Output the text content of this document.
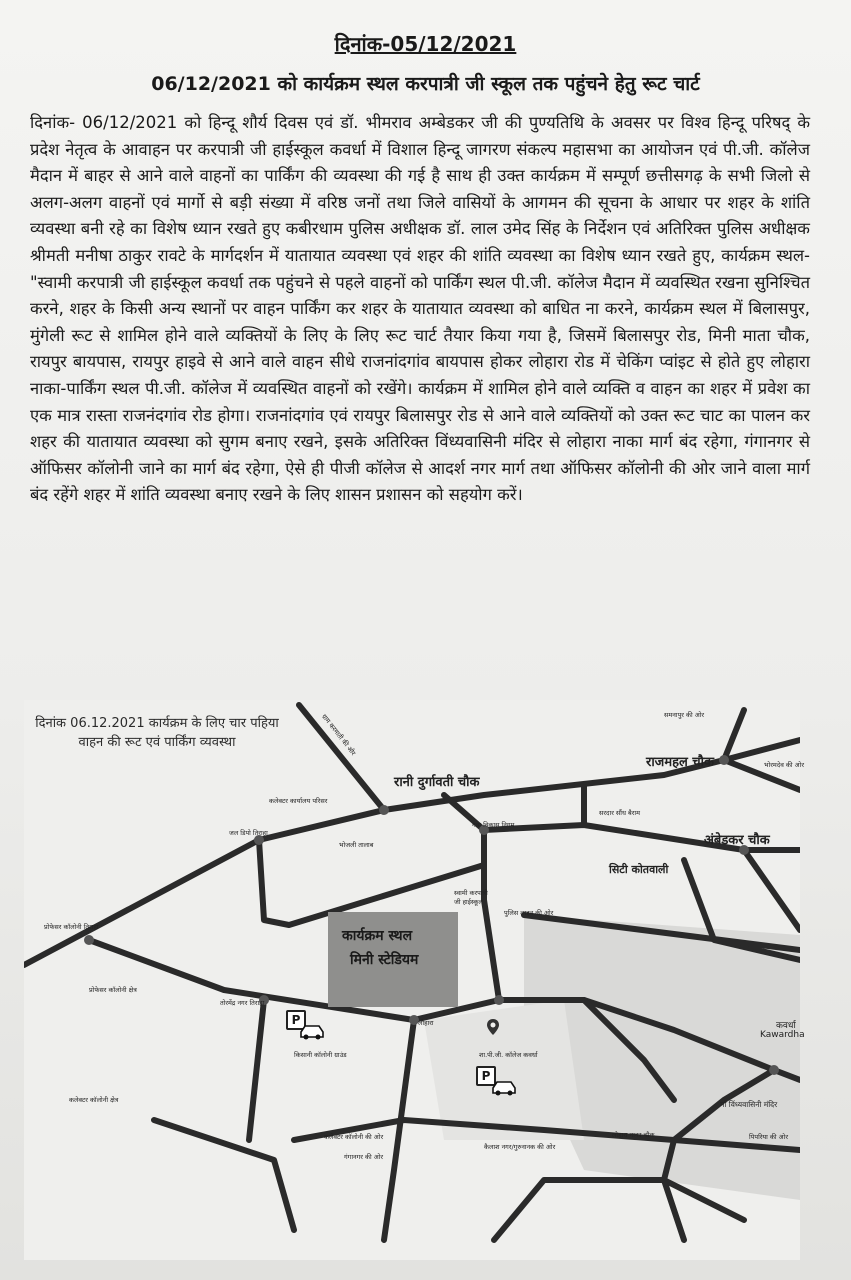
दिनांक-05/12/2021
06/12/2021 को कार्यक्रम स्थल करपात्री जी स्कूल तक पहुंचने हेतु रूट चार्ट
दिनांक- 06/12/2021 को हिन्दू शौर्य दिवस एवं डॉ. भीमराव अम्बेडकर जी की पुण्यतिथि के अवसर पर विश्व हिन्दू परिषद् के प्रदेश नेतृत्व के आवाहन पर करपात्री जी हाईस्कूल कवर्धा में विशाल हिन्दू जागरण संकल्प महासभा का आयोजन एवं पी.जी. कॉलेज मैदान में बाहर से आने वाले वाहनों का पार्किंग की व्यवस्था की गई है साथ ही उक्त कार्यक्रम में सम्पूर्ण छत्तीसगढ़ के सभी जिलो से अलग-अलग वाहनों एवं मार्गो से बड़ी संख्या में वरिष्ठ जनों तथा जिले वासियों के आगमन की सूचना के आधार पर शहर के शांति व्यवस्था बनी रहे का विशेष ध्यान रखते हुए कबीरधाम पुलिस अधीक्षक डॉ. लाल उमेद सिंह के निर्देशन एवं अतिरिक्त पुलिस अधीक्षक श्रीमती मनीषा ठाकुर रावटे के मार्गदर्शन में यातायात व्यवस्था एवं शहर की शांति व्यवस्था का विशेष ध्यान रखते हुए, कार्यक्रम स्थल- "स्वामी करपात्री जी हाईस्कूल कवर्धा तक पहुंचने से पहले वाहनों को पार्किंग स्थल पी.जी. कॉलेज मैदान में व्यवस्थित रखना सुनिश्चित करने, शहर के किसी अन्य स्थानों पर वाहन पार्किंग कर शहर के यातायात व्यवस्था को बाधित ना करने, कार्यक्रम स्थल में बिलासपुर, मुंगेली रूट से शामिल होने वाले व्यक्तियों के लिए के लिए रूट चार्ट तैयार किया गया है, जिसमें बिलासपुर रोड, मिनी माता चौक, रायपुर बायपास, रायपुर हाइवे से आने वाले वाहन सीधे राजनांदगांव बायपास होकर लोहारा रोड में चेकिंग प्वांइट से होते हुए लोहारा नाका-पार्किंग स्थल पी.जी. कॉलेज में व्यवस्थित वाहनों को रखेंगे। कार्यक्रम में शामिल होने वाले व्यक्ति व वाहन का शहर में प्रवेश का एक मात्र रास्ता राजनंदगांव रोड होगा। राजनांदगांव एवं रायपुर बिलासपुर रोड से आने वाले व्यक्तियों को उक्त रूट चाट का पालन कर शहर की यातायात व्यवस्था को सुगम बनाए रखने, इसके अतिरिक्त विंध्यवासिनी मंदिर से लोहारा नाका मार्ग बंद रहेगा, गंगानगर से ऑफिसर कॉलोनी जाने का मार्ग बंद रहेगा, ऐसे ही पीजी कॉलेज से आदर्श नगर मार्ग तथा ऑफिसर कॉलोनी की ओर जाने वाला मार्ग बंद रहेंगे शहर में शांति व्यवस्था बनाए रखने के लिए शासन प्रशासन को सहयोग करें।
दिनांक 06.12.2021 कार्यक्रम के लिए चार पहिया वाहन की रूट एवं पार्किंग व्यवस्था
कार्यक्रम स्थल
मिनी स्टेडियम
रानी दुर्गावती चौक
राजमहल चौक
अंबेडकर चौक
सिटी कोतवाली
कलेक्टर कार्यालय परिसर
भोजली तालाब
गन्ना विकास निगम
सरदार सौंध बैराम
स्वामी करपात्री जी हाईस्कूल
पुलिस लाइन की ओर
प्रोफेसर कॉलोनी तिराहा
प्रोफेसर कॉलोनी क्षेत्र
तोरमेंद्र नगर तिराहा
किसानी कॉलोनी ग्राउंड	शा.पी.जी. कॉलेज कवर्धा
कलेक्टर कॉलोनी क्षेत्र	माँ विंध्यवासिनी मंदिर
लोहारा नाका चौक
कवर्धा
Kawardha
लोहारा
ग्राम करमाती की ओर	समनापुर की ओर
भोरमदेव की ओर
जल डिपो तिराहा
कलेक्टर कॉलोनी की ओर
गंगानगर की ओर
कैलाश नगर/गुरुनानक की ओर
पिपरिया की ओर
P
P
